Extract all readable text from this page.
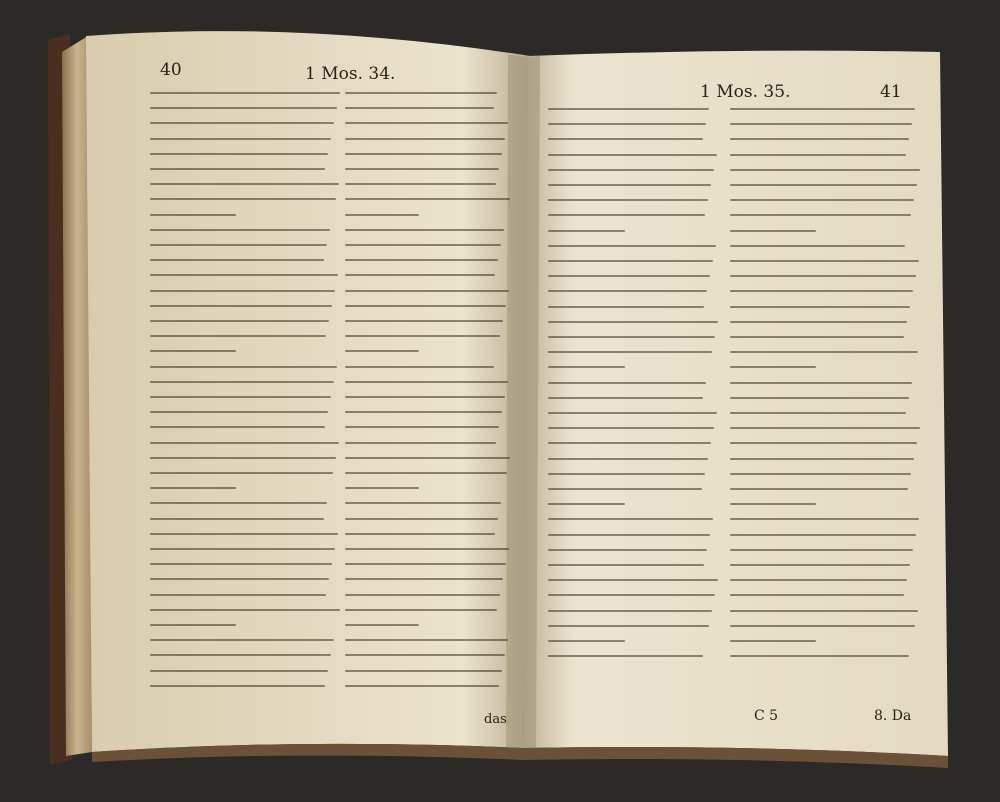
40	1 Mos. 34.
das
1 Mos. 35.	41
C 5	8. Da
